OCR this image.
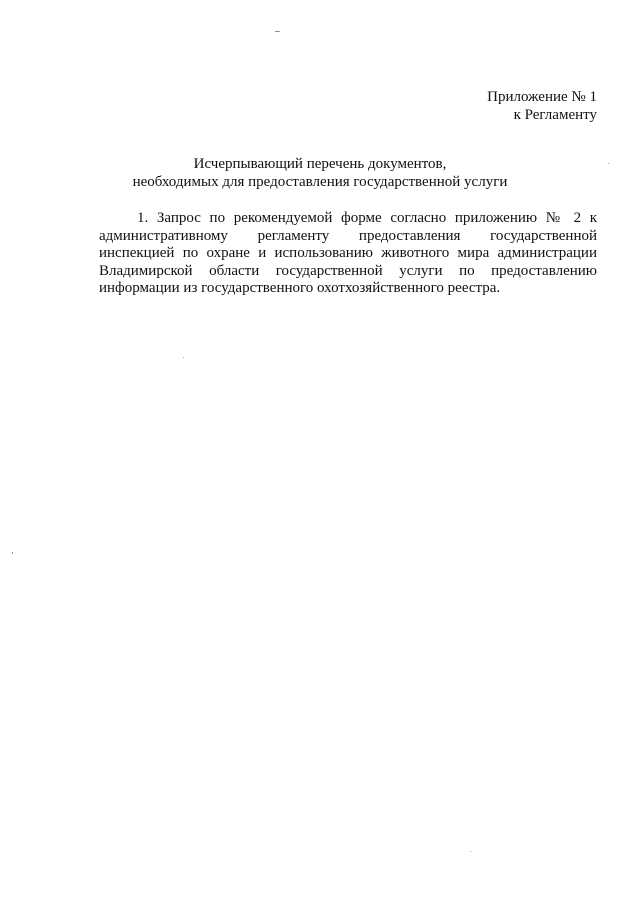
Приложение № 1
к Регламенту
Исчерпывающий перечень документов,
необходимых для предоставления государственной услуги
1. Запрос по рекомендуемой форме согласно приложению № 2 к
административному регламенту предоставления государственной
инспекцией по охране и использованию животного мира администрации
Владимирской области государственной услуги по предоставлению
информации из государственного охотхозяйственного реестра.
